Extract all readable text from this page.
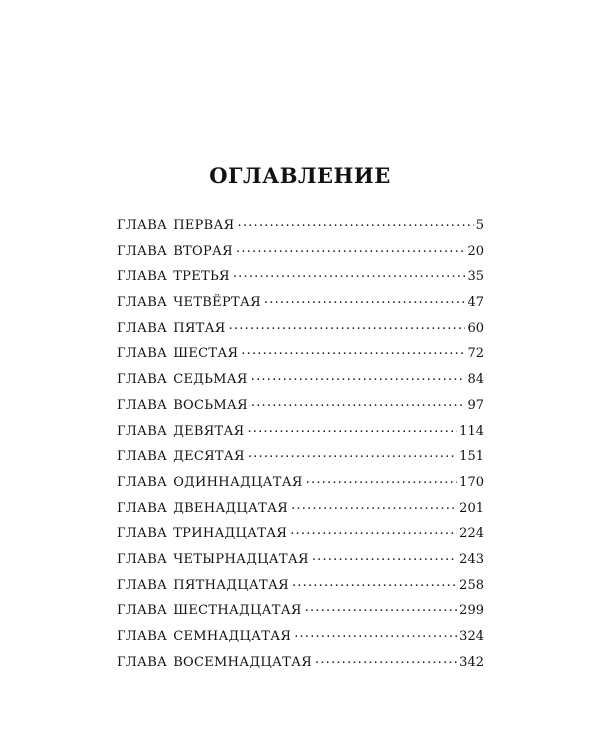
ОГЛАВЛЕНИЕ
ГЛАВА ПЕРВАЯ .....	5
ГЛАВА ВТОРАЯ .....	20
ГЛАВА ТРЕТЬЯ .....	35
ГЛАВА ЧЕТВЁРТАЯ .....	47
ГЛАВА ПЯТАЯ .....	60
ГЛАВА ШЕСТАЯ .....	72
ГЛАВА СЕДЬМАЯ .....	84
ГЛАВА ВОСЬМАЯ .....	97
ГЛАВА ДЕВЯТАЯ .....	114
ГЛАВА ДЕСЯТАЯ .....	151
ГЛАВА ОДИННАДЦАТАЯ .....	170
ГЛАВА ДВЕНАДЦАТАЯ .....	201
ГЛАВА ТРИНАДЦАТАЯ .....	224
ГЛАВА ЧЕТЫРНАДЦАТАЯ .....	243
ГЛАВА ПЯТНАДЦАТАЯ .....	258
ГЛАВА ШЕСТНАДЦАТАЯ .....	299
ГЛАВА СЕМНАДЦАТАЯ .....	324
ГЛАВА ВОСЕМНАДЦАТАЯ .....	342
